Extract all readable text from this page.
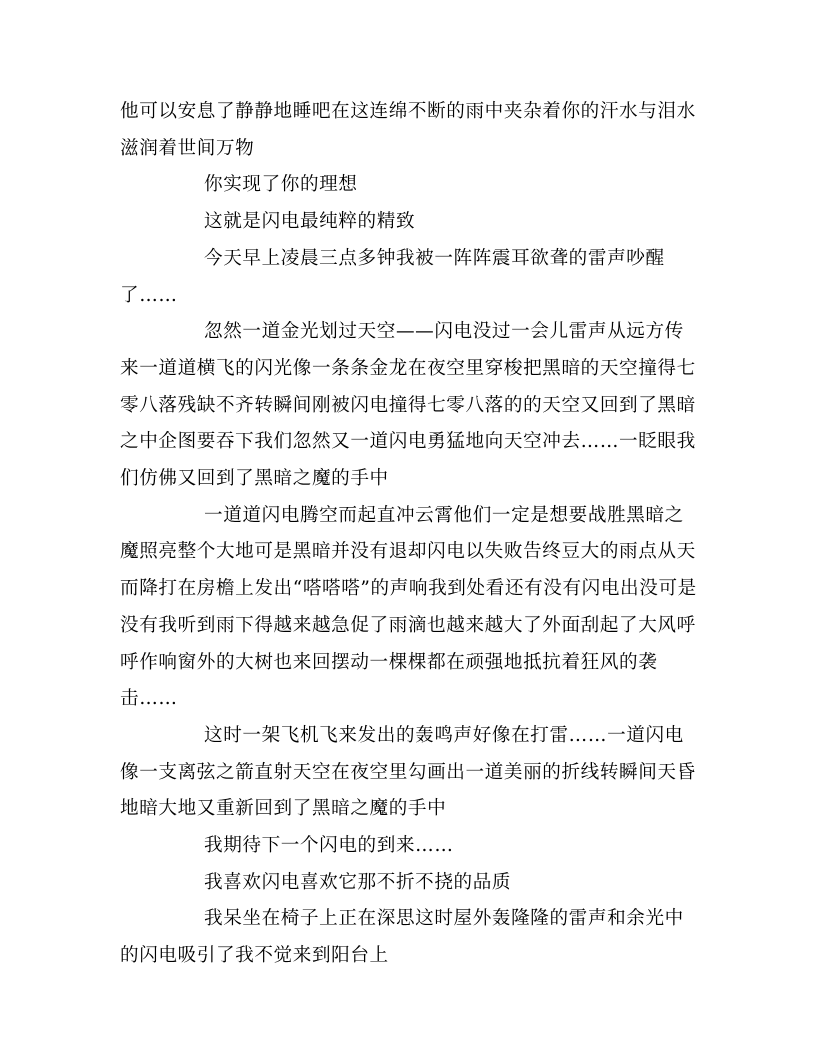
他可以安息了静静地睡吧在这连绵不断的雨中夹杂着你的汗水与泪水滋润着世间万物

你实现了你的理想

这就是闪电最纯粹的精致

今天早上凌晨三点多钟我被一阵阵震耳欲聋的雷声吵醒了……

忽然一道金光划过天空——闪电没过一会儿雷声从远方传来一道道横飞的闪光像一条条金龙在夜空里穿梭把黑暗的天空撞得七零八落残缺不齐转瞬间刚被闪电撞得七零八落的的天空又回到了黑暗之中企图要吞下我们忽然又一道闪电勇猛地向天空冲去……一眨眼我们仿佛又回到了黑暗之魔的手中

一道道闪电腾空而起直冲云霄他们一定是想要战胜黑暗之魔照亮整个大地可是黑暗并没有退却闪电以失败告终豆大的雨点从天而降打在房檐上发出“嗒嗒嗒”的声响我到处看还有没有闪电出没可是没有我听到雨下得越来越急促了雨滴也越来越大了外面刮起了大风呼呼作响窗外的大树也来回摆动一棵棵都在顽强地抵抗着狂风的袭击……

这时一架飞机飞来发出的轰鸣声好像在打雷……一道闪电像一支离弦之箭直射天空在夜空里勾画出一道美丽的折线转瞬间天昏地暗大地又重新回到了黑暗之魔的手中

我期待下一个闪电的到来……

我喜欢闪电喜欢它那不折不挠的品质

我呆坐在椅子上正在深思这时屋外轰隆隆的雷声和余光中的闪电吸引了我不觉来到阳台上
